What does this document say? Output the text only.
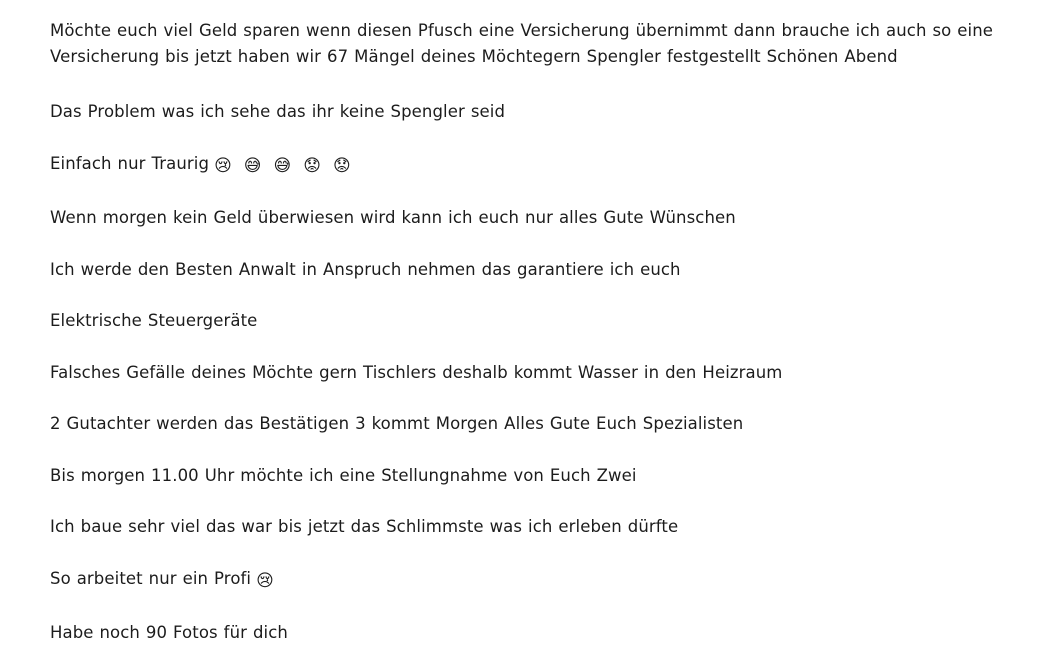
Möchte euch viel Geld sparen wenn diesen Pfusch eine Versicherung übernimmt dann brauche ich auch so eine Versicherung bis jetzt haben wir 67 Mängel deines Möchtegern Spengler festgestellt Schönen Abend

Das Problem was ich sehe das ihr keine Spengler seid

Einfach nur Traurig 😢 😅 😅 😟 😟

Wenn morgen kein Geld überwiesen wird kann ich euch nur alles Gute Wünschen

Ich werde den Besten Anwalt in Anspruch nehmen das garantiere ich euch

Elektrische Steuergeräte

Falsches Gefälle deines Möchte gern Tischlers deshalb kommt Wasser in den Heizraum

2 Gutachter werden das Bestätigen 3 kommt Morgen Alles Gute Euch Spezialisten

Bis morgen 11.00 Uhr möchte ich eine Stellungnahme von Euch Zwei

Ich baue sehr viel das war bis jetzt das Schlimmste was ich erleben dürfte

So arbeitet nur ein Profi 😢

Habe noch 90 Fotos für dich
